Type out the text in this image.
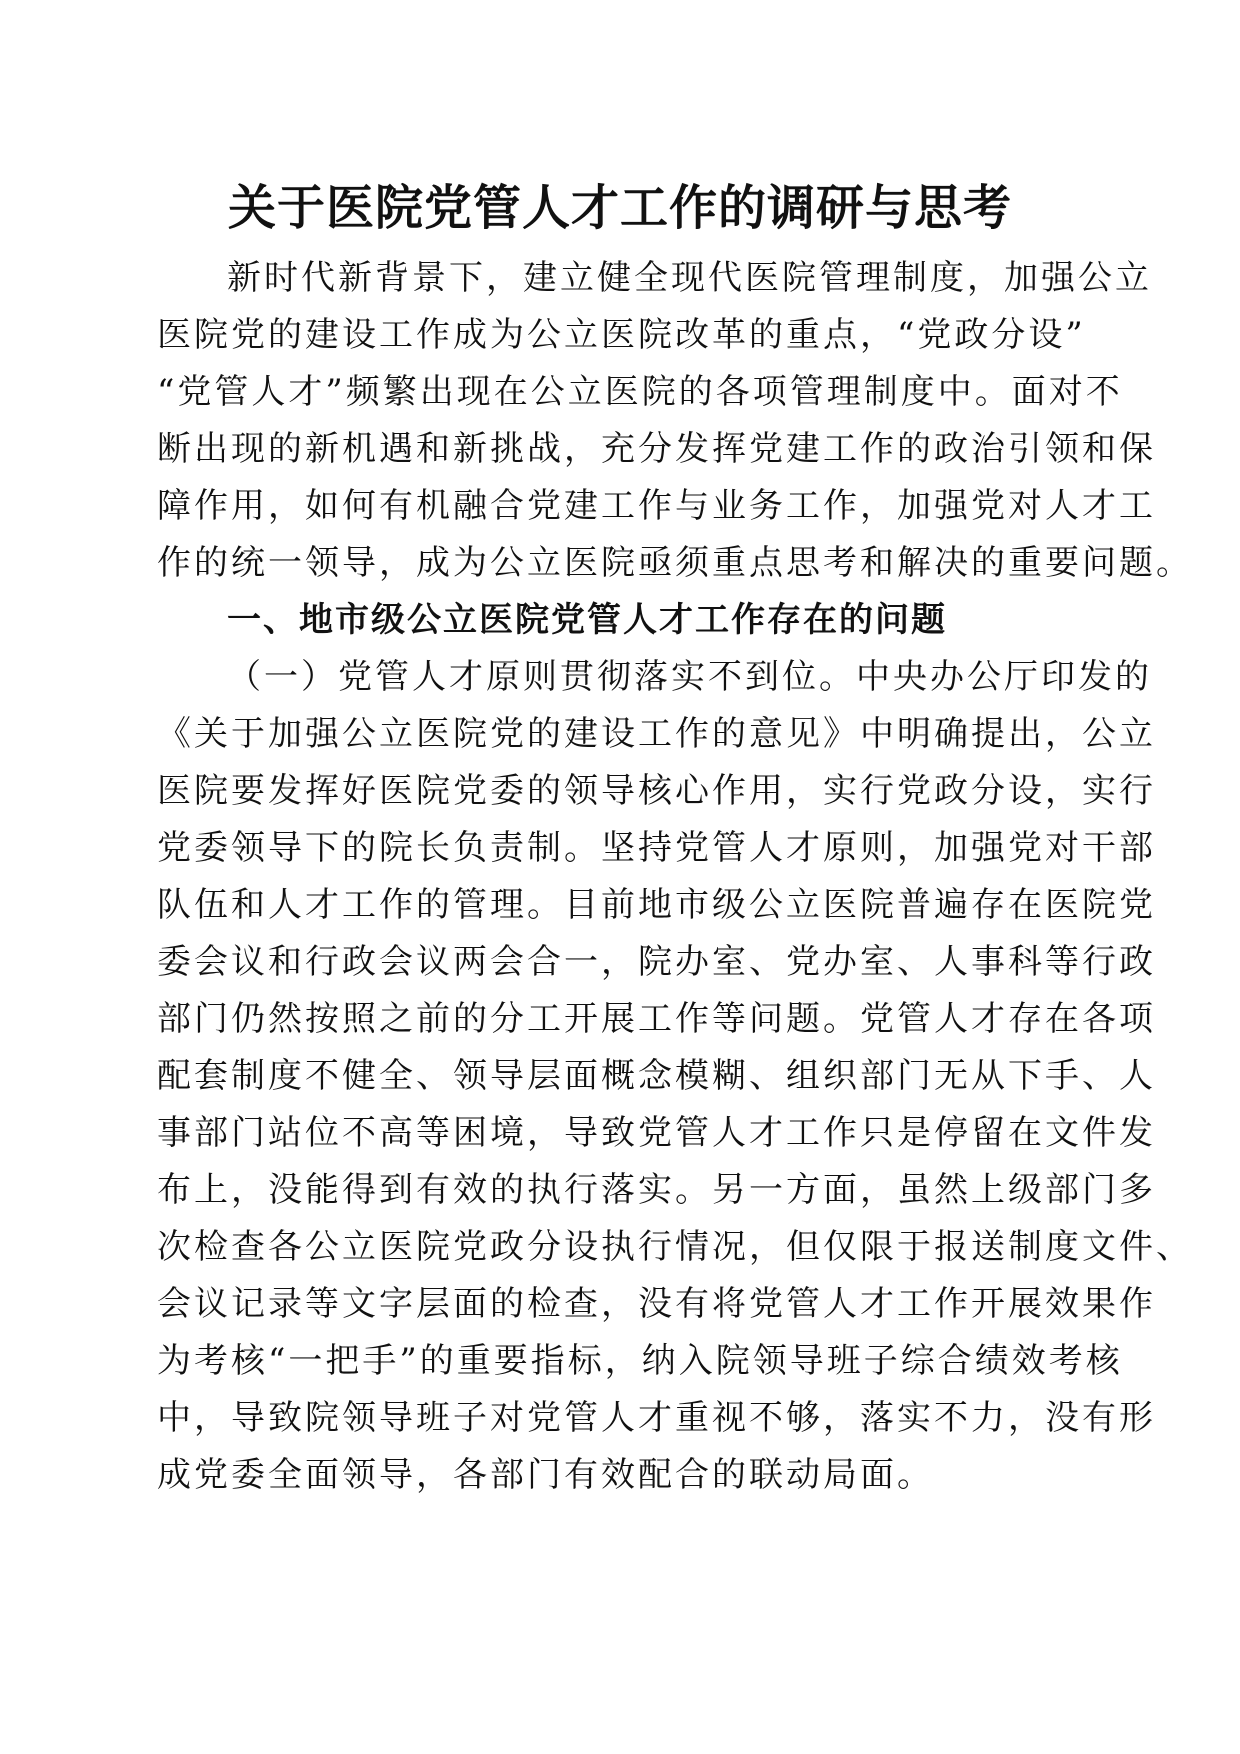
关于医院党管人才工作的调研与思考
新时代新背景下，建立健全现代医院管理制度，加强公立
医院党的建设工作成为公立医院改革的重点，“党政分设”
“党管人才”频繁出现在公立医院的各项管理制度中。面对不
断出现的新机遇和新挑战，充分发挥党建工作的政治引领和保
障作用，如何有机融合党建工作与业务工作，加强党对人才工
作的统一领导，成为公立医院亟须重点思考和解决的重要问题。
一、地市级公立医院党管人才工作存在的问题
（一）党管人才原则贯彻落实不到位。中央办公厅印发的
《关于加强公立医院党的建设工作的意见》中明确提出，公立
医院要发挥好医院党委的领导核心作用，实行党政分设，实行
党委领导下的院长负责制。坚持党管人才原则，加强党对干部
队伍和人才工作的管理。目前地市级公立医院普遍存在医院党
委会议和行政会议两会合一，院办室、党办室、人事科等行政
部门仍然按照之前的分工开展工作等问题。党管人才存在各项
配套制度不健全、领导层面概念模糊、组织部门无从下手、人
事部门站位不高等困境，导致党管人才工作只是停留在文件发
布上，没能得到有效的执行落实。另一方面，虽然上级部门多
次检查各公立医院党政分设执行情况，但仅限于报送制度文件、
会议记录等文字层面的检查，没有将党管人才工作开展效果作
为考核“一把手”的重要指标，纳入院领导班子综合绩效考核
中，导致院领导班子对党管人才重视不够，落实不力，没有形
成党委全面领导，各部门有效配合的联动局面。
